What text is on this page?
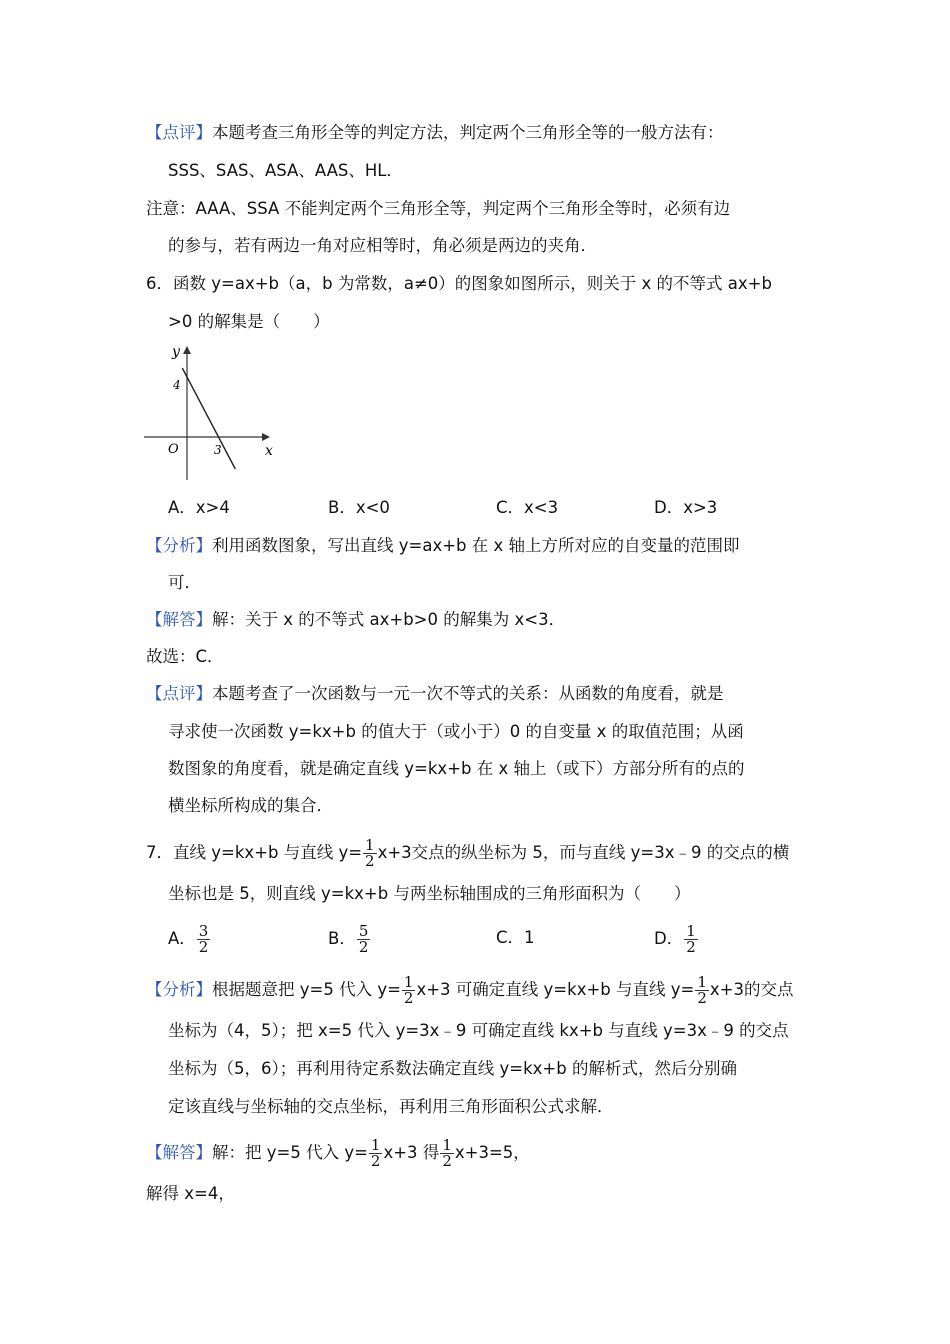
【点评】本题考查三角形全等的判定方法，判定两个三角形全等的一般方法有：
SSS、SAS、ASA、AAS、HL．
注意：AAA、SSA 不能判定两个三角形全等，判定两个三角形全等时，必须有边
的参与，若有两边一角对应相等时，角必须是两边的夹角．
6．函数 y=ax+b（a，b 为常数，a≠0）的图象如图所示，则关于 x 的不等式 ax+b
>0 的解集是（　　）
y
x
O
4
3
A．x>4	B．x<0	C．x<3	D．x>3
【分析】利用函数图象，写出直线 y=ax+b 在 x 轴上方所对应的自变量的范围即
可．
【解答】解：关于 x 的不等式 ax+b>0 的解集为 x<3．
故选：C．
【点评】本题考查了一次函数与一元一次不等式的关系：从函数的角度看，就是
寻求使一次函数 y=kx+b 的值大于（或小于）0 的自变量 x 的取值范围；从函
数图象的角度看，就是确定直线 y=kx+b 在 x 轴上（或下）方部分所有的点的
横坐标所构成的集合．
7．直线 y=kx+b 与直线 $y= \frac{1}{2} x+3$交点的纵坐标为 5，而与直线 y=3x﹣9 的交点的横
坐标也是 5，则直线 y=kx+b 与两坐标轴围成的三角形面积为（　　）
A． $\frac{3}{2}$	B． $\frac{5}{2}$	C．1	D． $\frac{1}{2}$
【分析】根据题意把 y=5 代入 $y= \frac{1}{2} x+3$ 可确定直线 y=kx+b 与直线 $y= \frac{1}{2} x+3$的交点
坐标为（4，5）；把 x=5 代入 y=3x﹣9 可确定直线 kx+b 与直线 y=3x﹣9 的交点
坐标为（5，6）；再利用待定系数法确定直线 y=kx+b 的解析式，然后分别确
定该直线与坐标轴的交点坐标，再利用三角形面积公式求解．
【解答】解：把 y=5 代入 $y= \frac{1}{2} x+3$ 得 $\frac{1}{2} x+3=5$，
解得 x=4，
